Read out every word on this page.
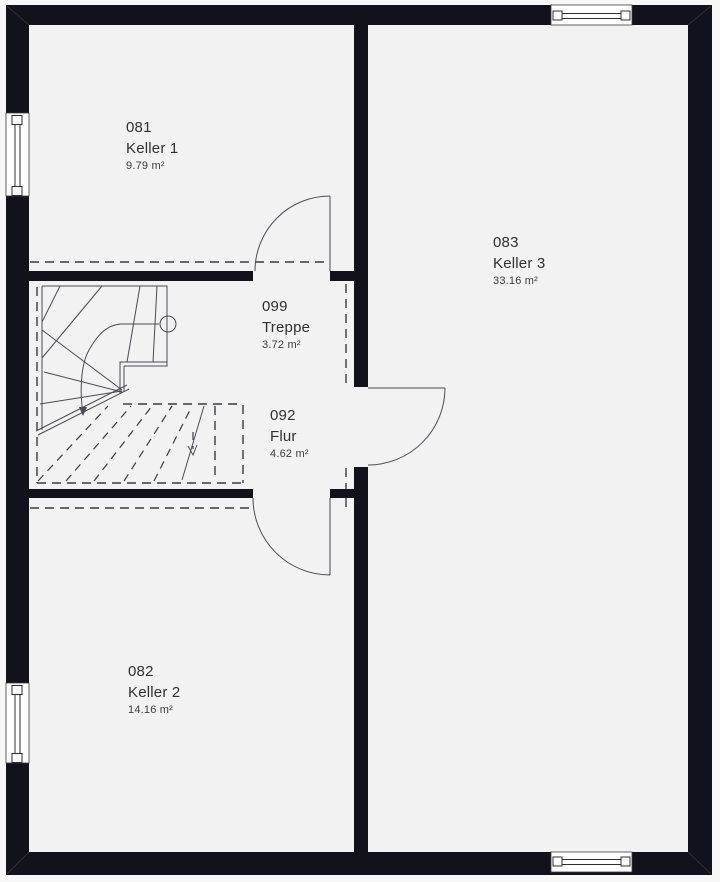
081
Keller 1
9.79 m²
083
Keller 3
33.16 m²
099
Treppe
3.72 m²
092
Flur
4.62 m²
082
Keller 2
14.16 m²
